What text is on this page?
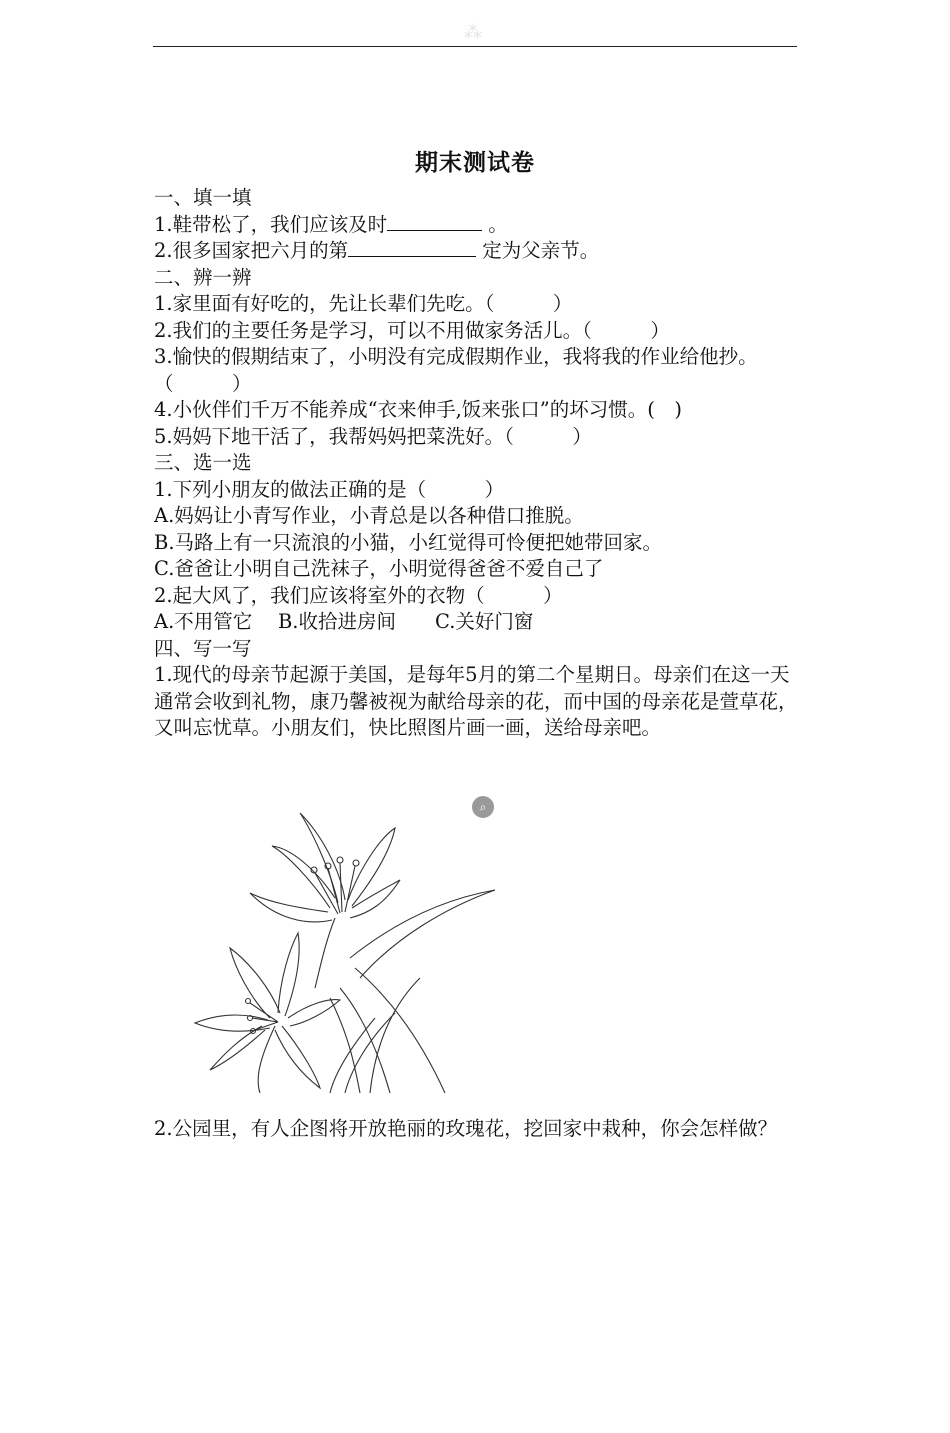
⁂
期末测试卷
一、填一填
1.鞋带松了，我们应该及时	。
2.很多国家把六月的第	定为父亲节。
二、辨一辨
1.家里面有好吃的，先让长辈们先吃。（　　　）
2.我们的主要任务是学习，可以不用做家务活儿。（　　　）
3.愉快的假期结束了，小明没有完成假期作业，我将我的作业给他抄。（　　　）
4.小伙伴们千万不能养成“衣来伸手,饭来张口”的坏习惯。(　)
5.妈妈下地干活了，我帮妈妈把菜洗好。（　　　）
三、选一选
1.下列小朋友的做法正确的是（　　　）
A.妈妈让小青写作业，小青总是以各种借口推脱。
B.马路上有一只流浪的小猫，小红觉得可怜便把她带回家。
C.爸爸让小明自己洗袜子，小明觉得爸爸不爱自己了
2.起大风了，我们应该将室外的衣物（　　　）
A.不用管它　 B.收拾进房间　　C.关好门窗
四、写一写
1.现代的母亲节起源于美国，是每年5月的第二个星期日。母亲们在这一天通常会收到礼物，康乃馨被视为献给母亲的花，而中国的母亲花是萱草花，又叫忘忧草。小朋友们，快比照图片画一画，送给母亲吧。
⌕
2.公园里，有人企图将开放艳丽的玫瑰花，挖回家中栽种，你会怎样做？
